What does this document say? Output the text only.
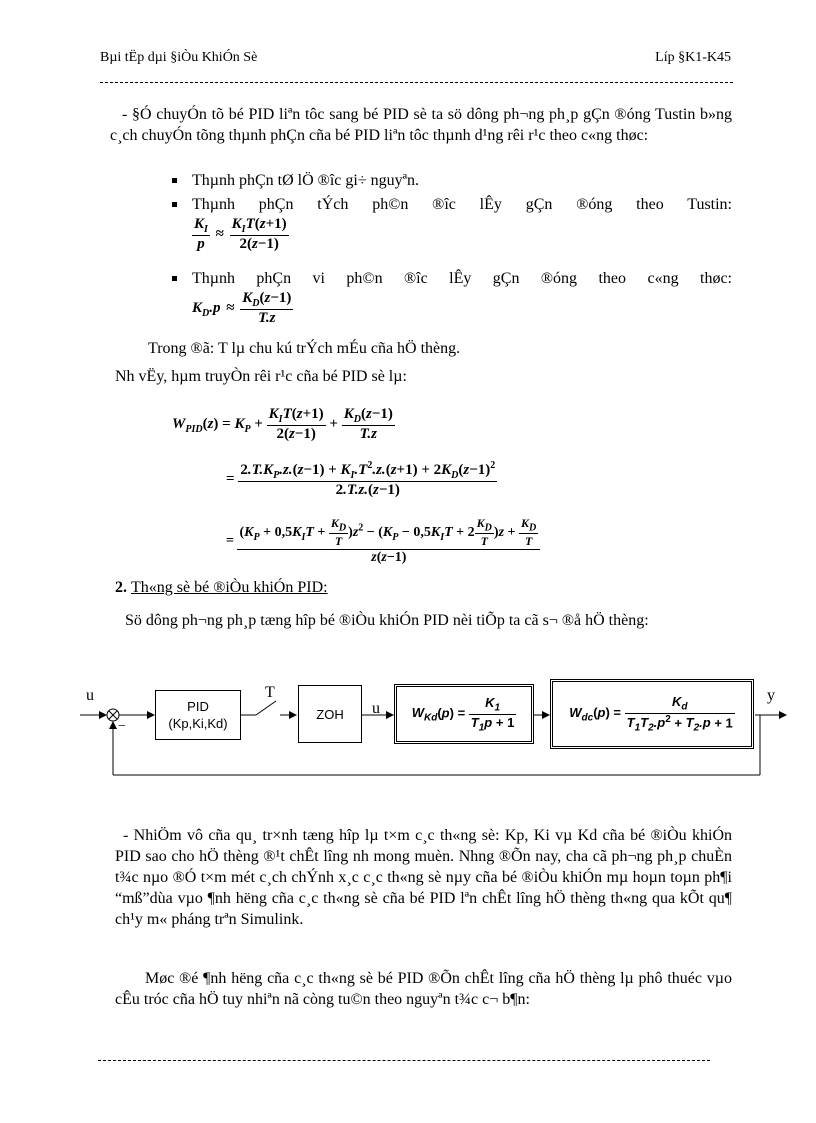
Bµi tËp dµi §iÒu KhiÓn Sè	Líp §K1-K45
- §Ó chuyÓn tõ bé PID liªn tôc sang bé PID sè ta sö dông ph¬ng ph¸p gÇn ®óng Tustin b»ng c¸ch chuyÓn tõng thµnh phÇn cña bé PID liªn tôc thµnh d¹ng rêi r¹c theo c«ng thøc:
Thµnh phÇn tØ lÖ ®îc gi÷ nguyªn.
Thµnh phÇn tÝch ph©n ®îc lÊy gÇn ®óng theo Tustin:
$\frac{K_I}{p} \approx \frac{K_IT(z+1)}{2(z-1)}$
Thµnh phÇn vi ph©n ®îc lÊy gÇn ®óng theo c«ng thøc:
$K_D.p \approx \frac{K_D(z-1)}{T.z}$
Trong ®ã: T lµ chu kú trÝch mÉu cña hÖ thèng.
Nh vËy, hµm truyÒn rêi r¹c cña bé PID sè lµ:
$W_{PID}(z) = K_P + \frac{K_IT(z+1)}{2(z-1)} + \frac{K_D(z-1)}{T.z}$
= $\frac{2.T.K_P.z.(z-1) + K_I.T^2.z.(z+1) + 2K_D(z-1)^2}{2.T.z.(z-1)}$
= $\frac{(K_P + 0,5K_IT + \frac{K_D}{T} )z^2 - (K_P - 0,5K_IT + 2 \frac{K_D}{T} )z + \frac{K_D}{T}}{z(z-1)}$
2. Th«ng sè bé ®iÒu khiÓn PID:
Sö dông ph¬ng ph¸p tæng hîp bé ®iÒu khiÓn PID nèi tiÕp ta cã s¬ ®å hÖ thèng:
u
−
PID
(Kp,Ki,Kd)
T
ZOH u $W_{Kd}(p) = \frac{K_1}{T_1p + 1}$	$W_{dc}(p) = \frac{K_d}{T_1T_2.p^2 + T_2.p + 1}$ y
- NhiÖm vô cña qu¸ tr×nh tæng hîp lµ t×m c¸c th«ng sè: Kp, Ki vµ Kd cña bé ®iÒu khiÓn PID sao cho hÖ thèng ®¹t chÊt lîng nh mong muèn. Nhng ®Õn nay, cha cã ph¬ng ph¸p chuÈn t¾c nµo ®Ó t×m mét c¸ch chÝnh x¸c c¸c th«ng sè nµy cña bé ®iÒu khiÓn mµ hoµn toµn ph¶i “mß”dùa vµo ¶nh hëng cña c¸c th«ng sè cña bé PID lªn chÊt lîng hÖ thèng th«ng qua kÕt qu¶ ch¹y m« pháng trªn Simulink.
Møc ®é ¶nh hëng cña c¸c th«ng sè bé PID ®Õn chÊt lîng cña hÖ thèng lµ phô thuéc vµo cÊu tróc cña hÖ tuy nhiªn nã còng tu©n theo nguyªn t¾c c¬ b¶n:
